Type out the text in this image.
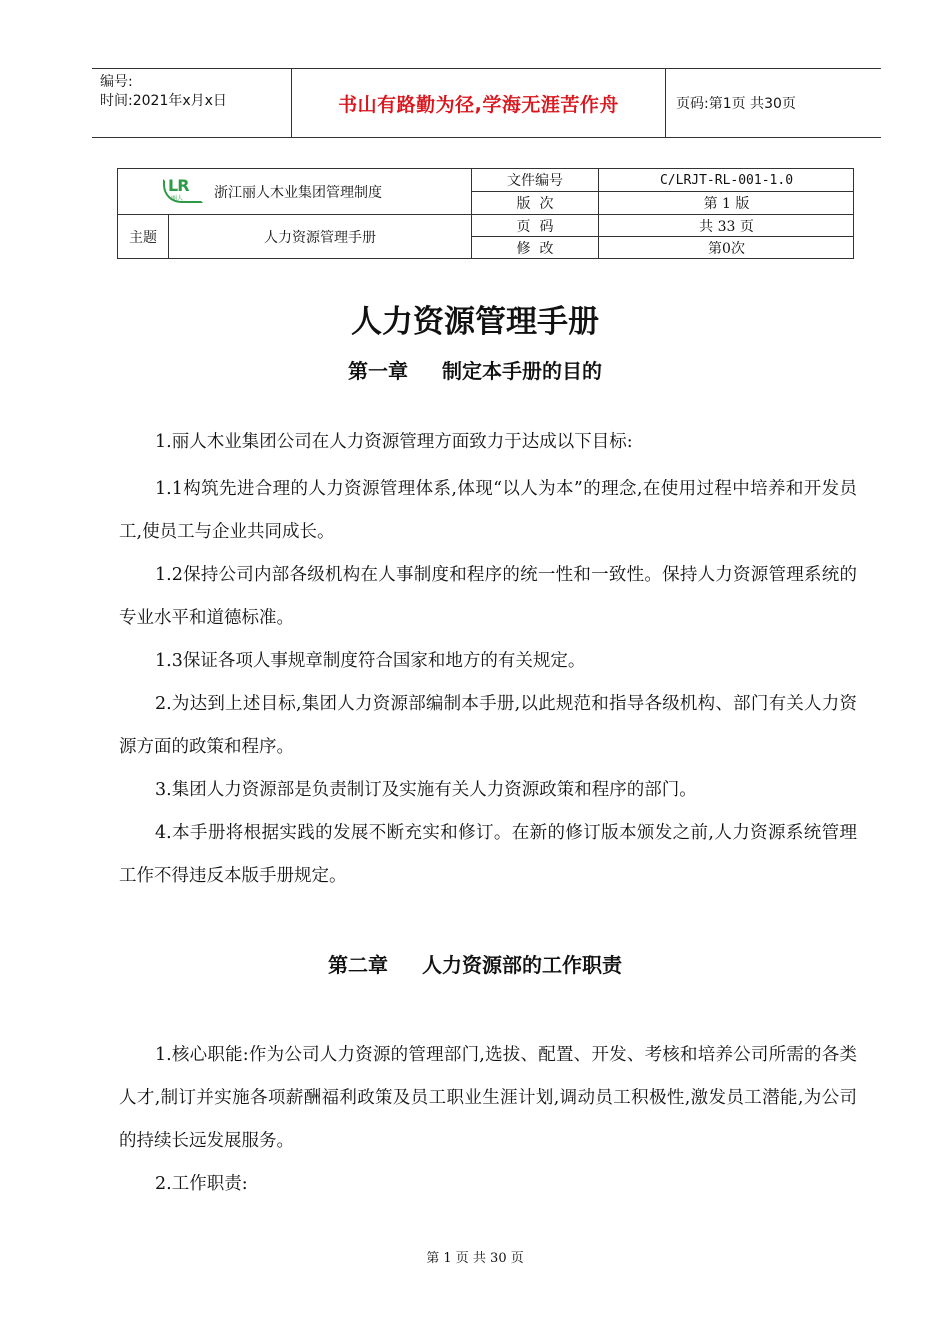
编号:
时间:2021年x月x日	书山有路勤为径,学海无涯苦作舟	页码:第1页 共30页
LR
丽人 浙江丽人木业集团管理制度
主题	人力资源管理手册
文件编号	C/LRJT-RL-001-1.0
版  次	第 1 版
页  码	共 33 页
修  改	第0次
人力资源管理手册
第一章 制定本手册的目的

1.丽人木业集团公司在人力资源管理方面致力于达成以下目标:

1.1构筑先进合理的人力资源管理体系,体现“以人为本”的理念,在使用过程中培养和开发员工,使员工与企业共同成长。

1.2保持公司内部各级机构在人事制度和程序的统一性和一致性。保持人力资源管理系统的专业水平和道德标准。

1.3保证各项人事规章制度符合国家和地方的有关规定。

2.为达到上述目标,集团人力资源部编制本手册,以此规范和指导各级机构、部门有关人力资源方面的政策和程序。

3.集团人力资源部是负责制订及实施有关人力资源政策和程序的部门。

4.本手册将根据实践的发展不断充实和修订。在新的修订版本颁发之前,人力资源系统管理工作不得违反本版手册规定。

第二章 人力资源部的工作职责

1.核心职能:作为公司人力资源的管理部门,选拔、配置、开发、考核和培养公司所需的各类人才,制订并实施各项薪酬福利政策及员工职业生涯计划,调动员工积极性,激发员工潜能,为公司的持续长远发展服务。

2.工作职责:

第 1 页 共 30 页
